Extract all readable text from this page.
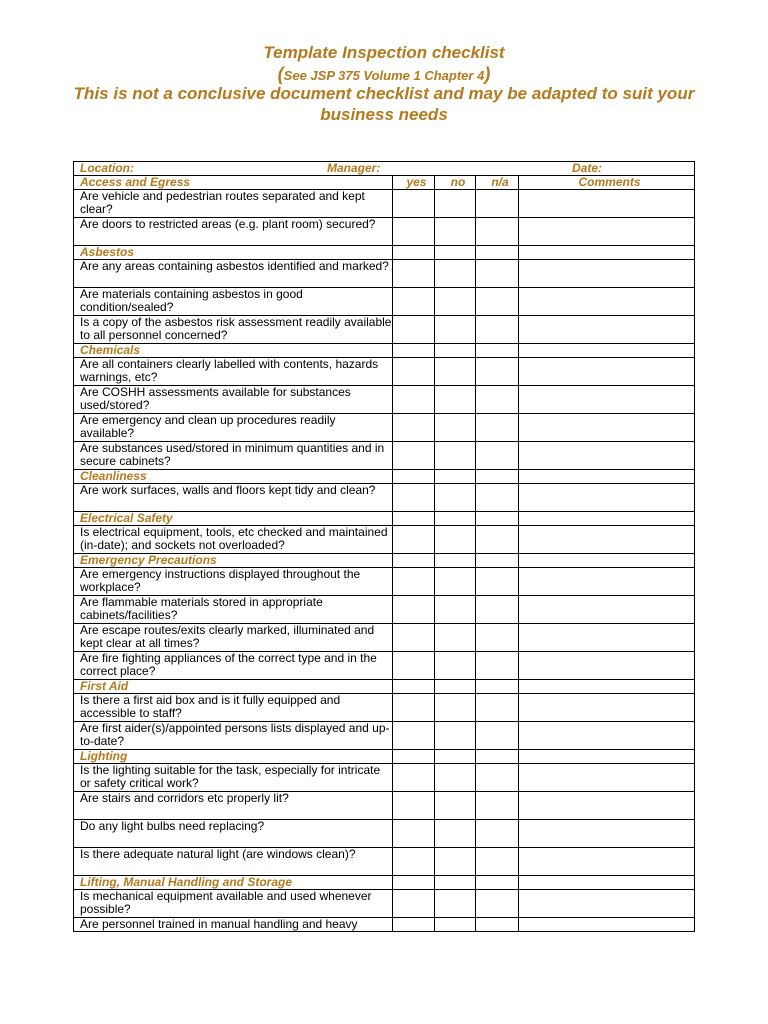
Template Inspection checklist
(See JSP 375 Volume 1 Chapter 4)
This is not a conclusive document checklist and may be adapted to suit your business needs
Location: Manager: Date:				

Access and Egress	yes	no	n/a	Comments
Are vehicle and pedestrian routes separated and kept clear?				
Are doors to restricted areas (e.g. plant room) secured?				
Asbestos				
Are any areas containing asbestos identified and marked?				
Are materials containing asbestos in good condition/sealed?				
Is a copy of the asbestos risk assessment readily available to all personnel concerned?				
Chemicals				
Are all containers clearly labelled with contents, hazards warnings, etc?				
Are COSHH assessments available for substances used/stored?				
Are emergency and clean up procedures readily available?				
Are substances used/stored in minimum quantities and in secure cabinets?				
Cleanliness				
Are work surfaces, walls and floors kept tidy and clean?				
Electrical Safety				
Is electrical equipment, tools, etc checked and maintained (in-date); and sockets not overloaded?				
Emergency Precautions				
Are emergency instructions displayed throughout the workplace?				
Are flammable materials stored in appropriate cabinets/facilities?				
Are escape routes/exits clearly marked, illuminated and kept clear at all times?				
Are fire fighting appliances of the correct type and in the correct place?				
First Aid				
Is there a first aid box and is it fully equipped and accessible to staff?				
Are first aider(s)/appointed persons lists displayed and up-to-date?				
Lighting				
Is the lighting suitable for the task, especially for intricate or safety critical work?				
Are stairs and corridors etc properly lit?				
Do any light bulbs need replacing?				
Is there adequate natural light (are windows clean)?				
Lifting, Manual Handling and Storage				
Is mechanical equipment available and used whenever possible?				
Are personnel trained in manual handling and heavy				
